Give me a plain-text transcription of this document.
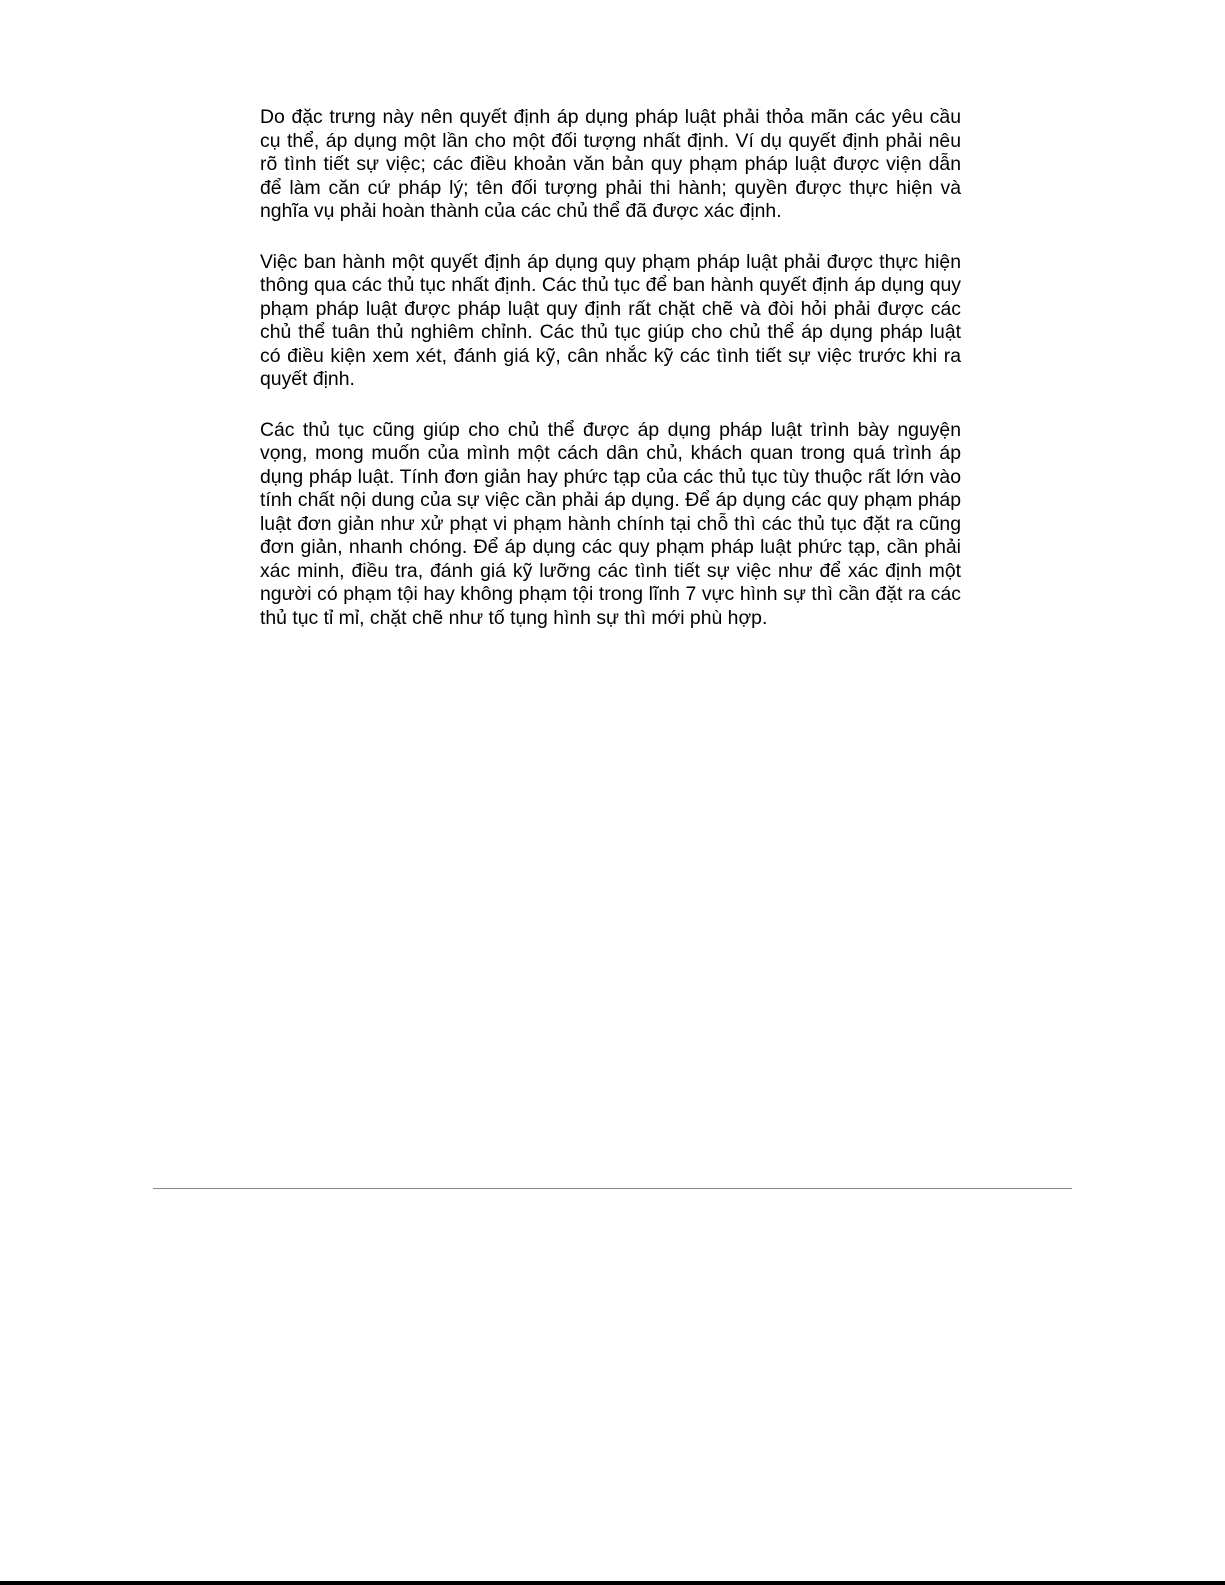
Do đặc trưng này nên quyết định áp dụng pháp luật phải thỏa mãn các yêu cầu cụ thể, áp dụng một lần cho một đối tượng nhất định. Ví dụ quyết định phải nêu rõ tình tiết sự việc; các điều khoản văn bản quy phạm pháp luật được viện dẫn để làm căn cứ pháp lý; tên đối tượng phải thi hành; quyền được thực hiện và nghĩa vụ phải hoàn thành của các chủ thể đã được xác định.

Việc ban hành một quyết định áp dụng quy phạm pháp luật phải được thực hiện thông qua các thủ tục nhất định. Các thủ tục để ban hành quyết định áp dụng quy phạm pháp luật được pháp luật quy định rất chặt chẽ và đòi hỏi phải được các chủ thể tuân thủ nghiêm chỉnh. Các thủ tục giúp cho chủ thể áp dụng pháp luật có điều kiện xem xét, đánh giá kỹ, cân nhắc kỹ các tình tiết sự việc trước khi ra quyết định.

Các thủ tục cũng giúp cho chủ thể được áp dụng pháp luật trình bày nguyện vọng, mong muốn của mình một cách dân chủ, khách quan trong quá trình áp dụng pháp luật. Tính đơn giản hay phức tạp của các thủ tục tùy thuộc rất lớn vào tính chất nội dung của sự việc cần phải áp dụng. Để áp dụng các quy phạm pháp luật đơn giản như xử phạt vi phạm hành chính tại chỗ thì các thủ tục đặt ra cũng đơn giản, nhanh chóng. Để áp dụng các quy phạm pháp luật phức tạp, cần phải xác minh, điều tra, đánh giá kỹ lưỡng các tình tiết sự việc như để xác định một người có phạm tội hay không phạm tội trong lĩnh 7 vực hình sự thì cần đặt ra các thủ tục tỉ mỉ, chặt chẽ như tố tụng hình sự thì mới phù hợp.
